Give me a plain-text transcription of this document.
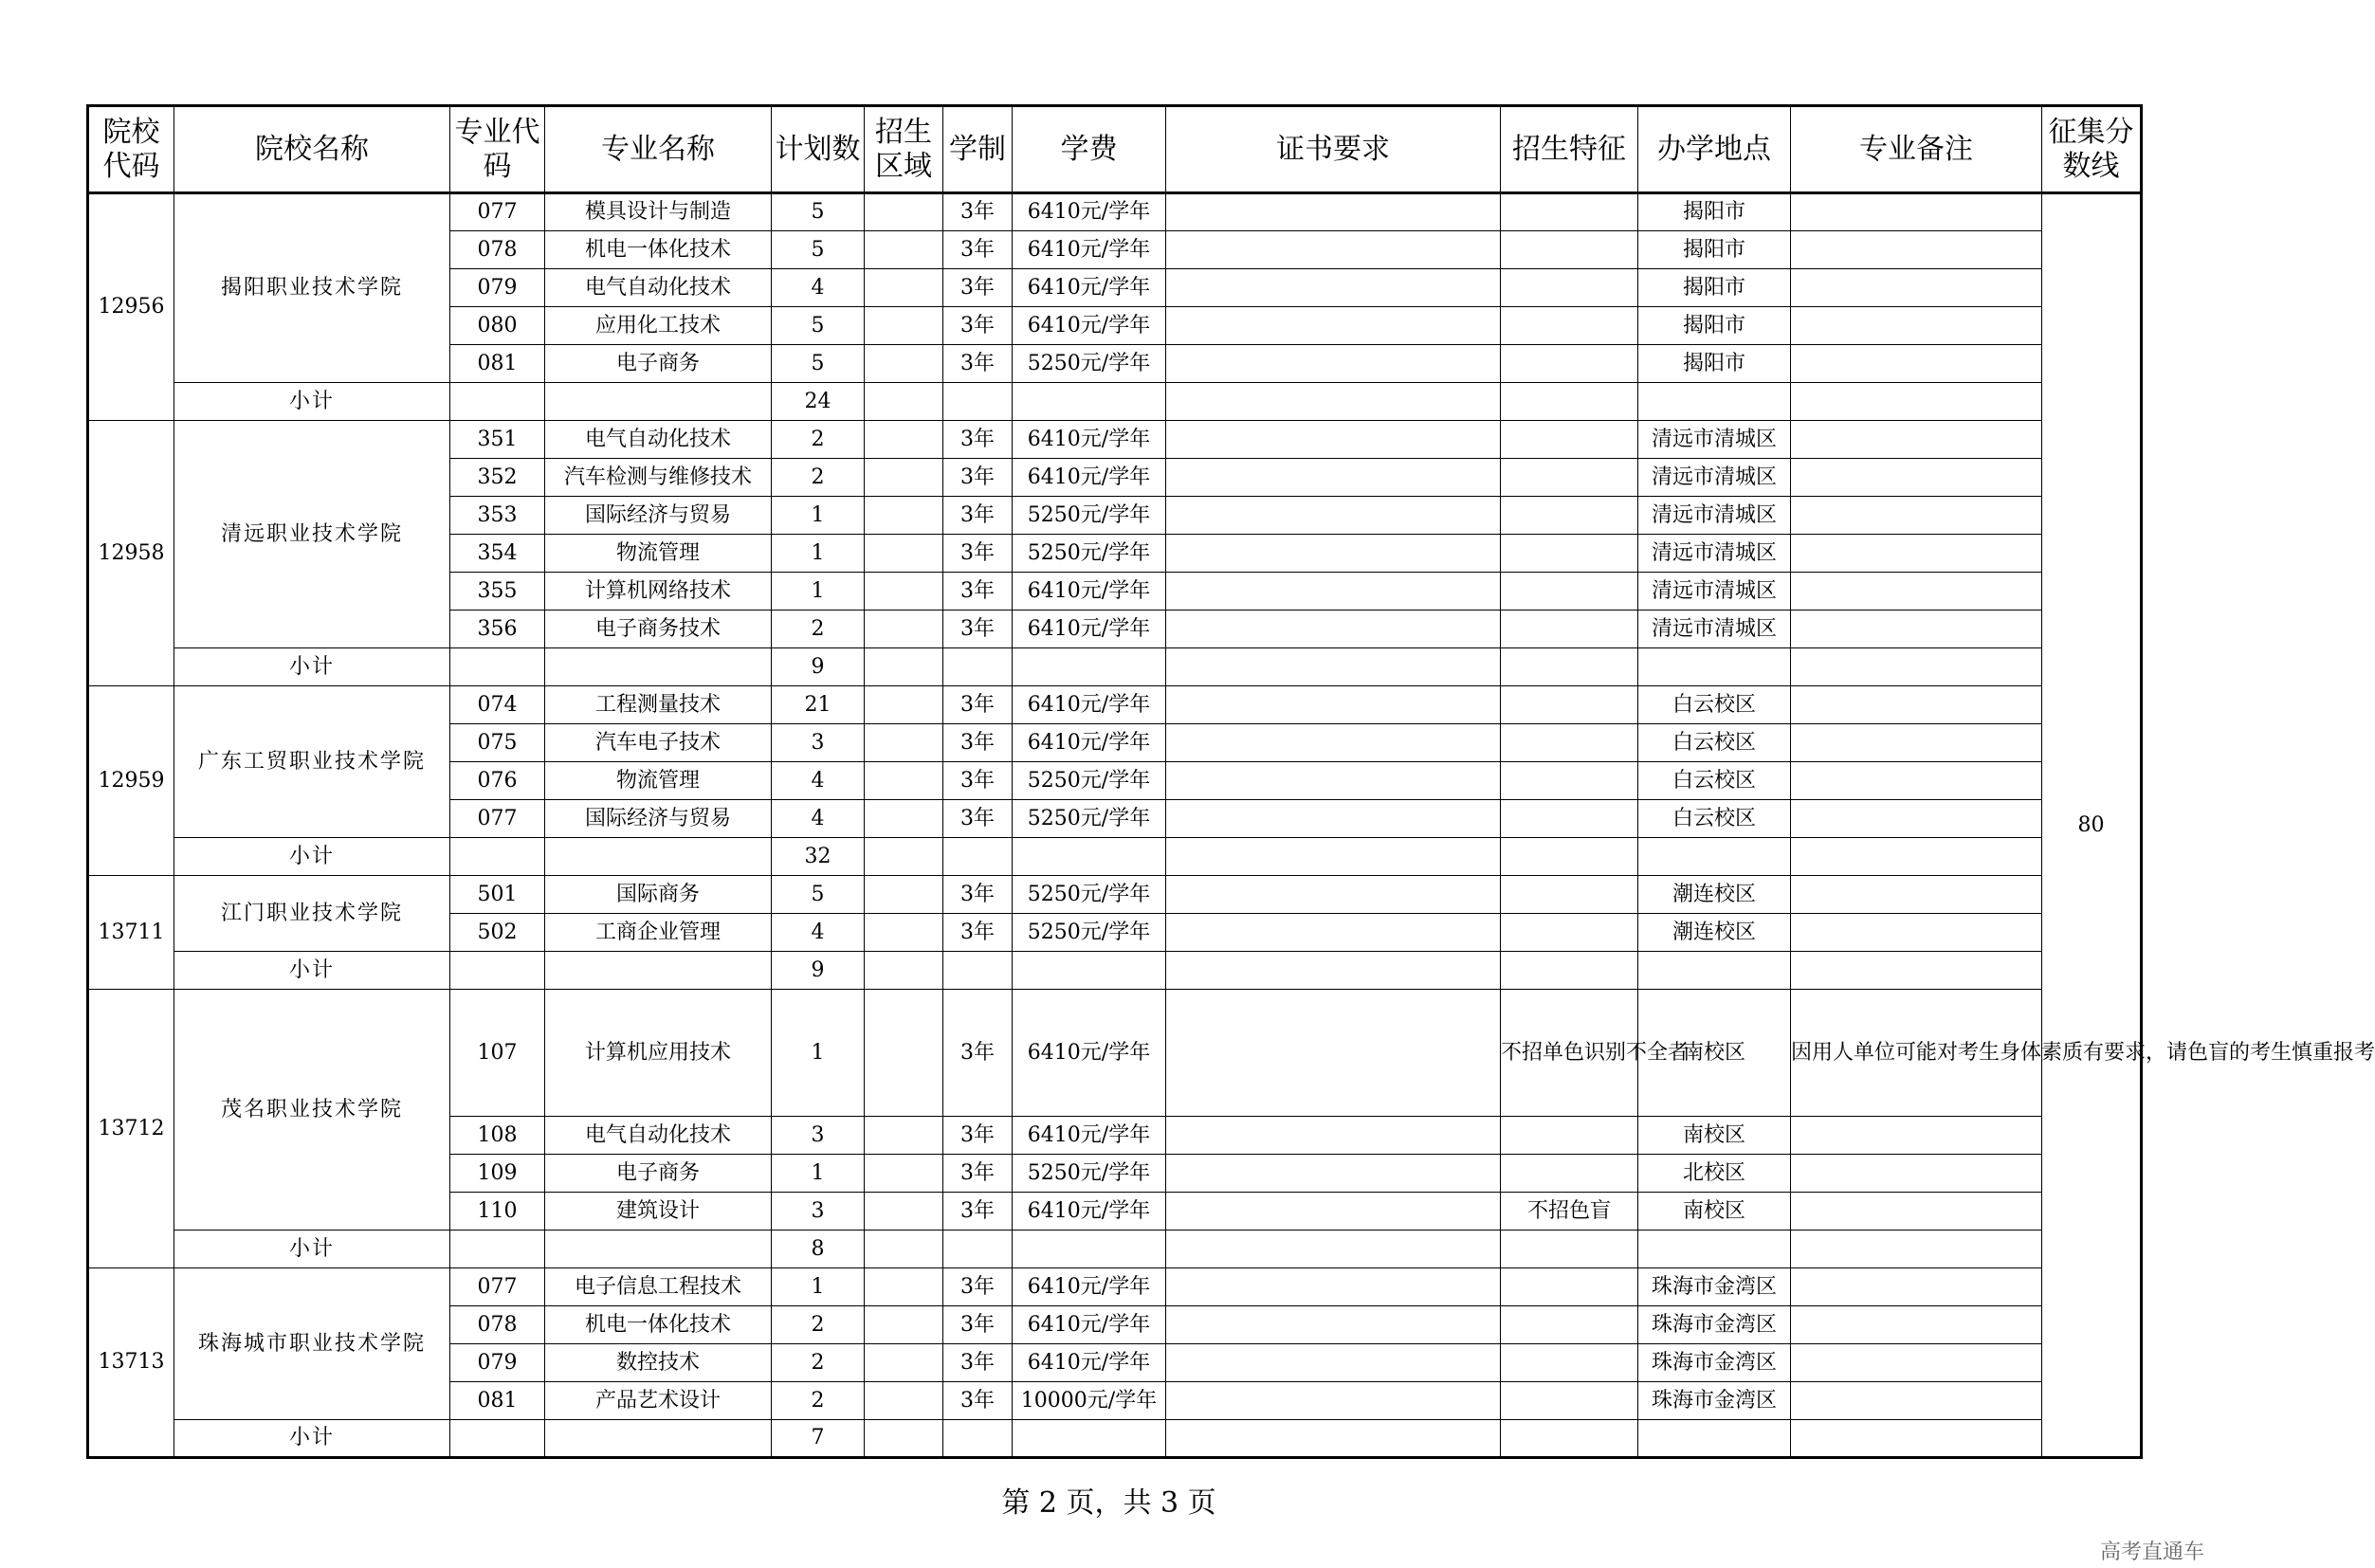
院校代码	院校名称	专业代码	专业名称	计划数	招生区域	学制	学费	证书要求	招生特征	办学地点	专业备注	征集分数线
12956	揭阳职业技术学院	077	模具设计与制造	5		3年	6410元/学年			揭阳市		80
		078	机电一体化技术	5		3年	6410元/学年			揭阳市		
		079	电气自动化技术	4		3年	6410元/学年			揭阳市		
		080	应用化工技术	5		3年	6410元/学年			揭阳市		
		081	电子商务	5		3年	5250元/学年			揭阳市		
	小计			24								
12958	清远职业技术学院	351	电气自动化技术	2		3年	6410元/学年			清远市清城区		
		352	汽车检测与维修技术	2		3年	6410元/学年			清远市清城区		
		353	国际经济与贸易	1		3年	5250元/学年			清远市清城区		
		354	物流管理	1		3年	5250元/学年			清远市清城区		
		355	计算机网络技术	1		3年	6410元/学年			清远市清城区		
		356	电子商务技术	2		3年	6410元/学年			清远市清城区		
	小计			9								
12959	广东工贸职业技术学院	074	工程测量技术	21		3年	6410元/学年			白云校区		
		075	汽车电子技术	3		3年	6410元/学年			白云校区		
		076	物流管理	4		3年	5250元/学年			白云校区		
		077	国际经济与贸易	4		3年	5250元/学年			白云校区		
	小计			32								
13711	江门职业技术学院	501	国际商务	5		3年	5250元/学年			潮连校区		
		502	工商企业管理	4		3年	5250元/学年			潮连校区		
	小计			9								
13712	茂名职业技术学院	107	计算机应用技术	1		3年	6410元/学年		不招单色识别不全者	南校区	因用人单位可能对考生身体素质有要求，请色盲的考生慎重报考	
		108	电气自动化技术	3		3年	6410元/学年			南校区		
		109	电子商务	1		3年	5250元/学年			北校区		
		110	建筑设计	3		3年	6410元/学年		不招色盲	南校区		
	小计			8								
13713	珠海城市职业技术学院	077	电子信息工程技术	1		3年	6410元/学年			珠海市金湾区		
		078	机电一体化技术	2		3年	6410元/学年			珠海市金湾区		
		079	数控技术	2		3年	6410元/学年			珠海市金湾区		
		081	产品艺术设计	2		3年	10000元/学年			珠海市金湾区		
	小计			7								
第 2 页，共 3 页
高考直通车
